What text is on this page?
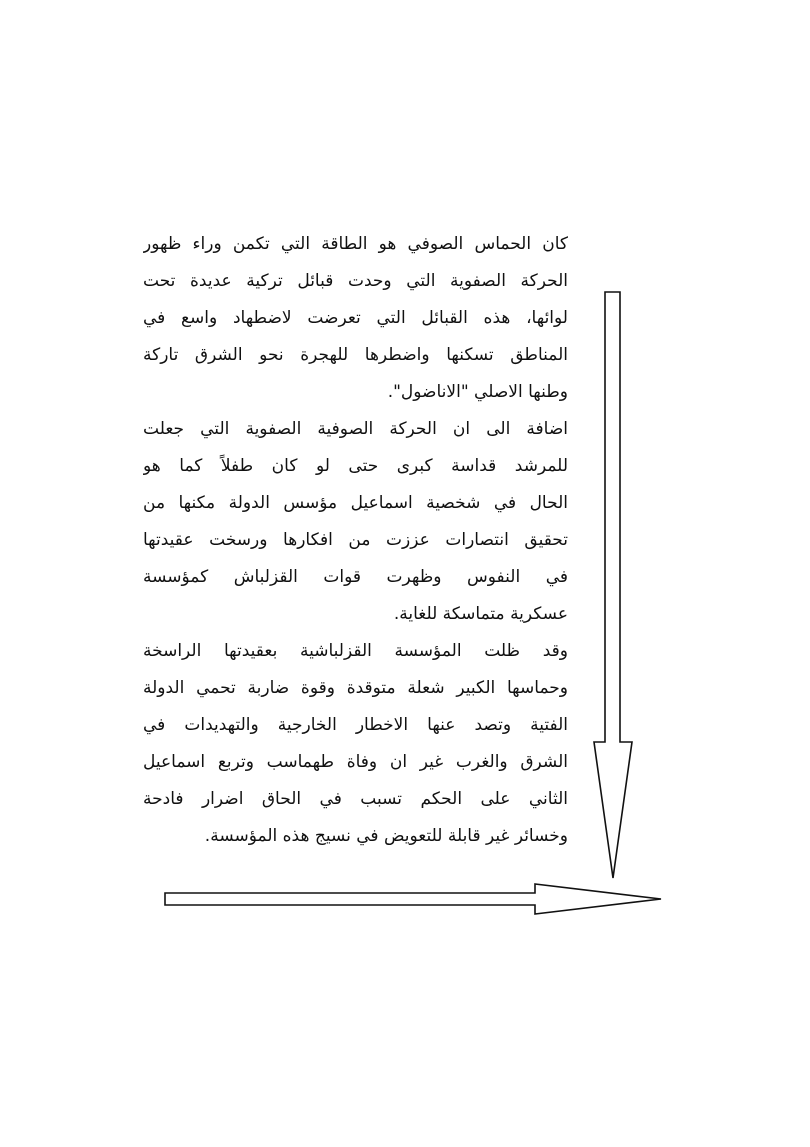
كان الحماس الصوفي هو الطاقة التي تكمن وراء ظهور
الحركة الصفوية التي وحدت قبائل تركية عديدة تحت
لوائها، هذه القبائل التي تعرضت لاضطهاد واسع في
المناطق تسكنها واضطرها للهجرة نحو الشرق تاركة
وطنها الاصلي "الاناضول".
اضافة الى ان الحركة الصوفية الصفوية التي جعلت
للمرشد قداسة كبرى حتى لو كان طفلاً كما هو
الحال في شخصية اسماعيل مؤسس الدولة مكنها من
تحقيق انتصارات عززت من افكارها ورسخت عقيدتها
في النفوس وظهرت قوات القزلباش كمؤسسة
عسكرية متماسكة للغاية.
وقد ظلت المؤسسة القزلباشية بعقيدتها الراسخة
وحماسها الكبير شعلة متوقدة وقوة ضاربة تحمي الدولة
الفتية وتصد عنها الاخطار الخارجية والتهديدات في
الشرق والغرب غير ان وفاة طهماسب وتربع اسماعيل
الثاني على الحكم تسبب في الحاق اضرار فادحة
وخسائر غير قابلة للتعويض في نسيج هذه المؤسسة.
